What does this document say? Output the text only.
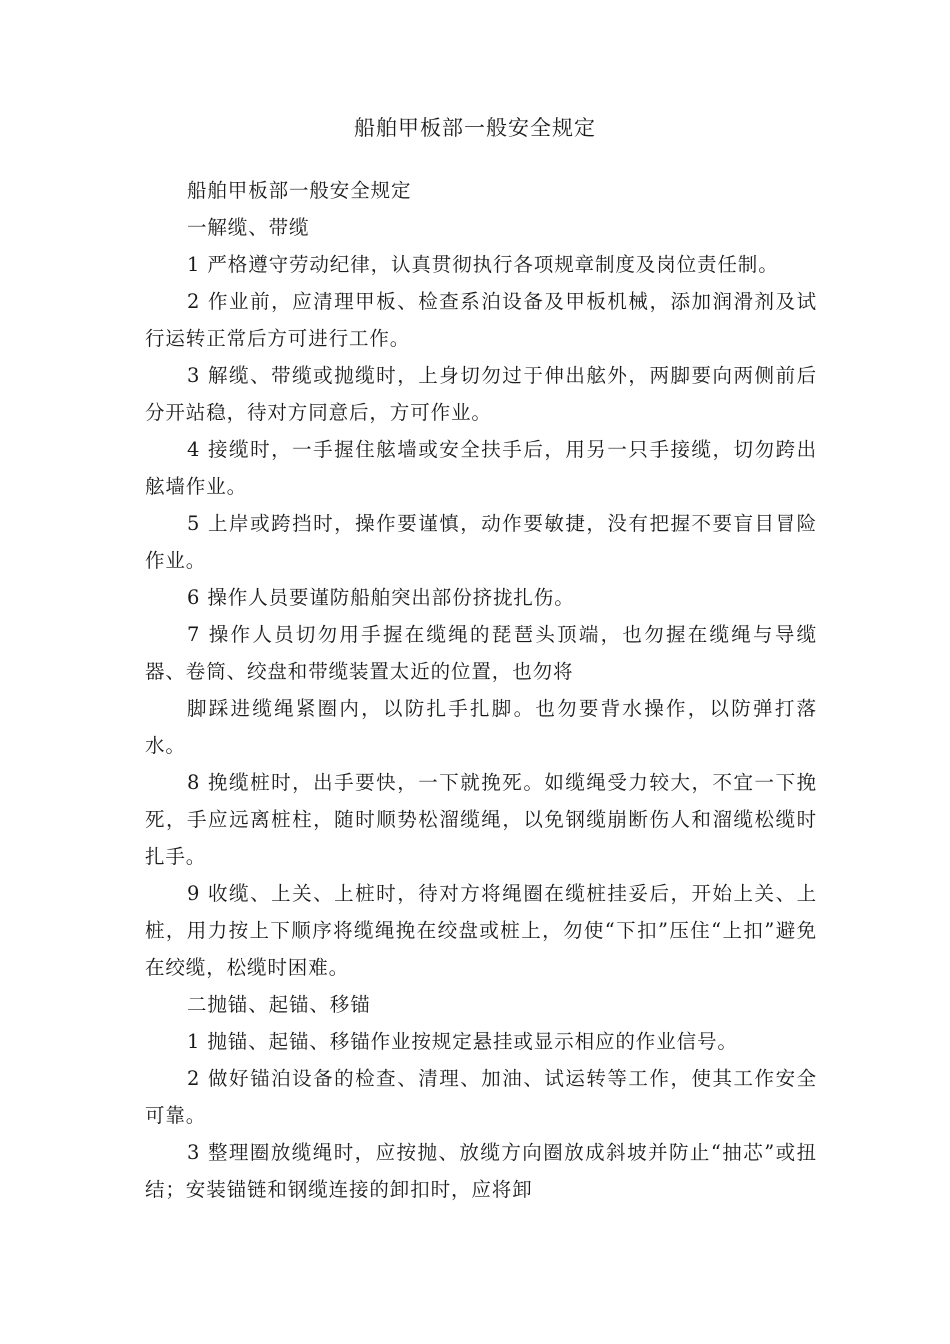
船舶甲板部一般安全规定

船舶甲板部一般安全规定

一解缆、带缆

1 严格遵守劳动纪律，认真贯彻执行各项规章制度及岗位责任制。

2 作业前，应清理甲板、检查系泊设备及甲板机械，添加润滑剂及试行运转正常后方可进行工作。

3 解缆、带缆或抛缆时，上身切勿过于伸出舷外，两脚要向两侧前后分开站稳，待对方同意后，方可作业。

4 接缆时，一手握住舷墙或安全扶手后，用另一只手接缆，切勿跨出舷墙作业。

5 上岸或跨挡时，操作要谨慎，动作要敏捷，没有把握不要盲目冒险作业。

6 操作人员要谨防船舶突出部份挤拢扎伤。

7 操作人员切勿用手握在缆绳的琵琶头顶端，也勿握在缆绳与导缆器、卷筒、绞盘和带缆装置太近的位置，也勿将

脚踩进缆绳紧圈内，以防扎手扎脚。也勿要背水操作，以防弹打落水。

8 挽缆桩时，出手要快，一下就挽死。如缆绳受力较大，不宜一下挽死，手应远离桩柱，随时顺势松溜缆绳，以免钢缆崩断伤人和溜缆松缆时扎手。

9 收缆、上关、上桩时，待对方将绳圈在缆桩挂妥后，开始上关、上桩，用力按上下顺序将缆绳挽在绞盘或桩上，勿使“下扣”压住“上扣”避免在绞缆，松缆时困难。

二抛锚、起锚、移锚

1 抛锚、起锚、移锚作业按规定悬挂或显示相应的作业信号。

2 做好锚泊设备的检查、清理、加油、试运转等工作，使其工作安全可靠。

3 整理圈放缆绳时，应按抛、放缆方向圈放成斜坡并防止“抽芯”或扭结；安装锚链和钢缆连接的卸扣时，应将卸
